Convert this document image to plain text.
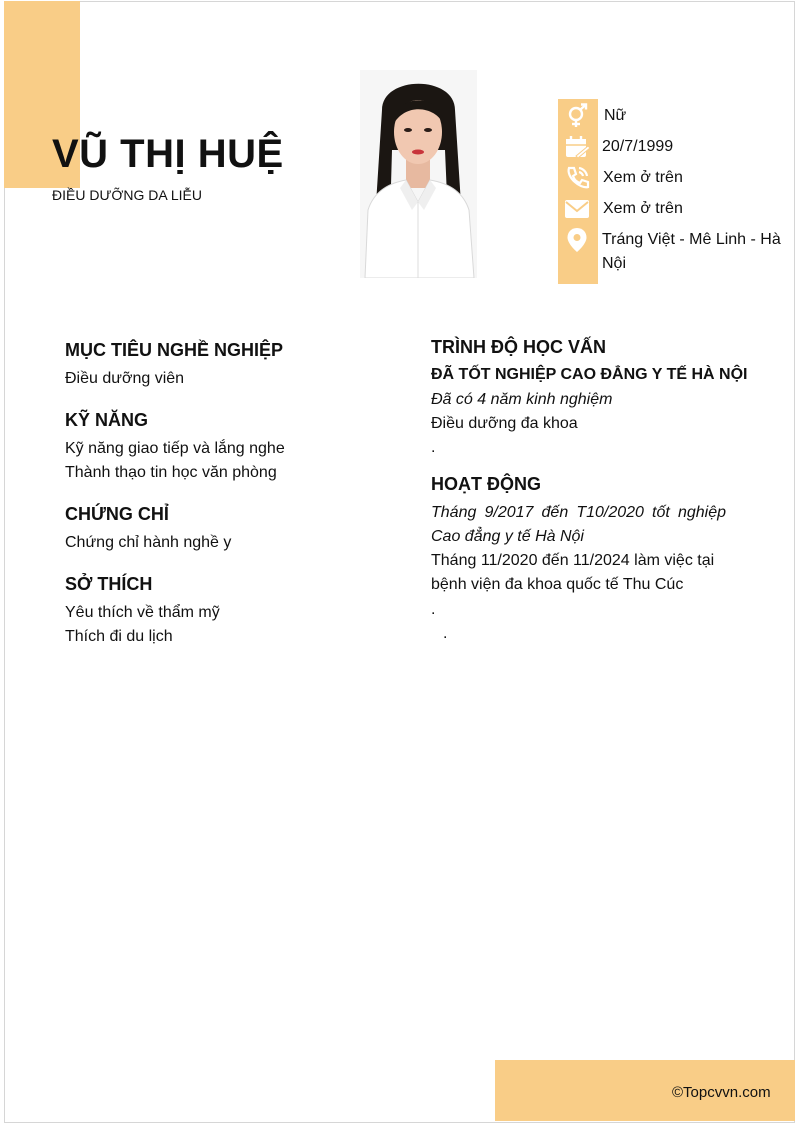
VŨ THỊ HUỆ
ĐIỀU DƯỠNG DA LIỄU
Nữ
20/7/1999
Xem ở trên
Xem ở trên
Tráng Việt - Mê Linh - Hà
Nội
MỤC TIÊU NGHỀ NGHIỆP
Điều dưỡng viên
KỸ NĂNG
Kỹ năng giao tiếp và lắng nghe
Thành thạo tin học văn phòng
CHỨNG CHỈ
Chứng chỉ hành nghề y
SỞ THÍCH
Yêu thích về thẩm mỹ
Thích đi du lịch
TRÌNH ĐỘ HỌC VẤN
ĐÃ TỐT NGHIỆP CAO ĐẲNG Y TẾ HÀ NỘI
Đã có 4 năm kinh nghiệm
Điều dưỡng đa khoa
.
HOẠT ĐỘNG
Tháng 9/2017 đến T10/2020 tốt nghiệp
Cao đẳng y tế Hà Nội
Tháng 11/2020 đến 11/2024 làm việc tại
bệnh viện đa khoa quốc tế Thu Cúc
.
.
©Topcvvn.com
